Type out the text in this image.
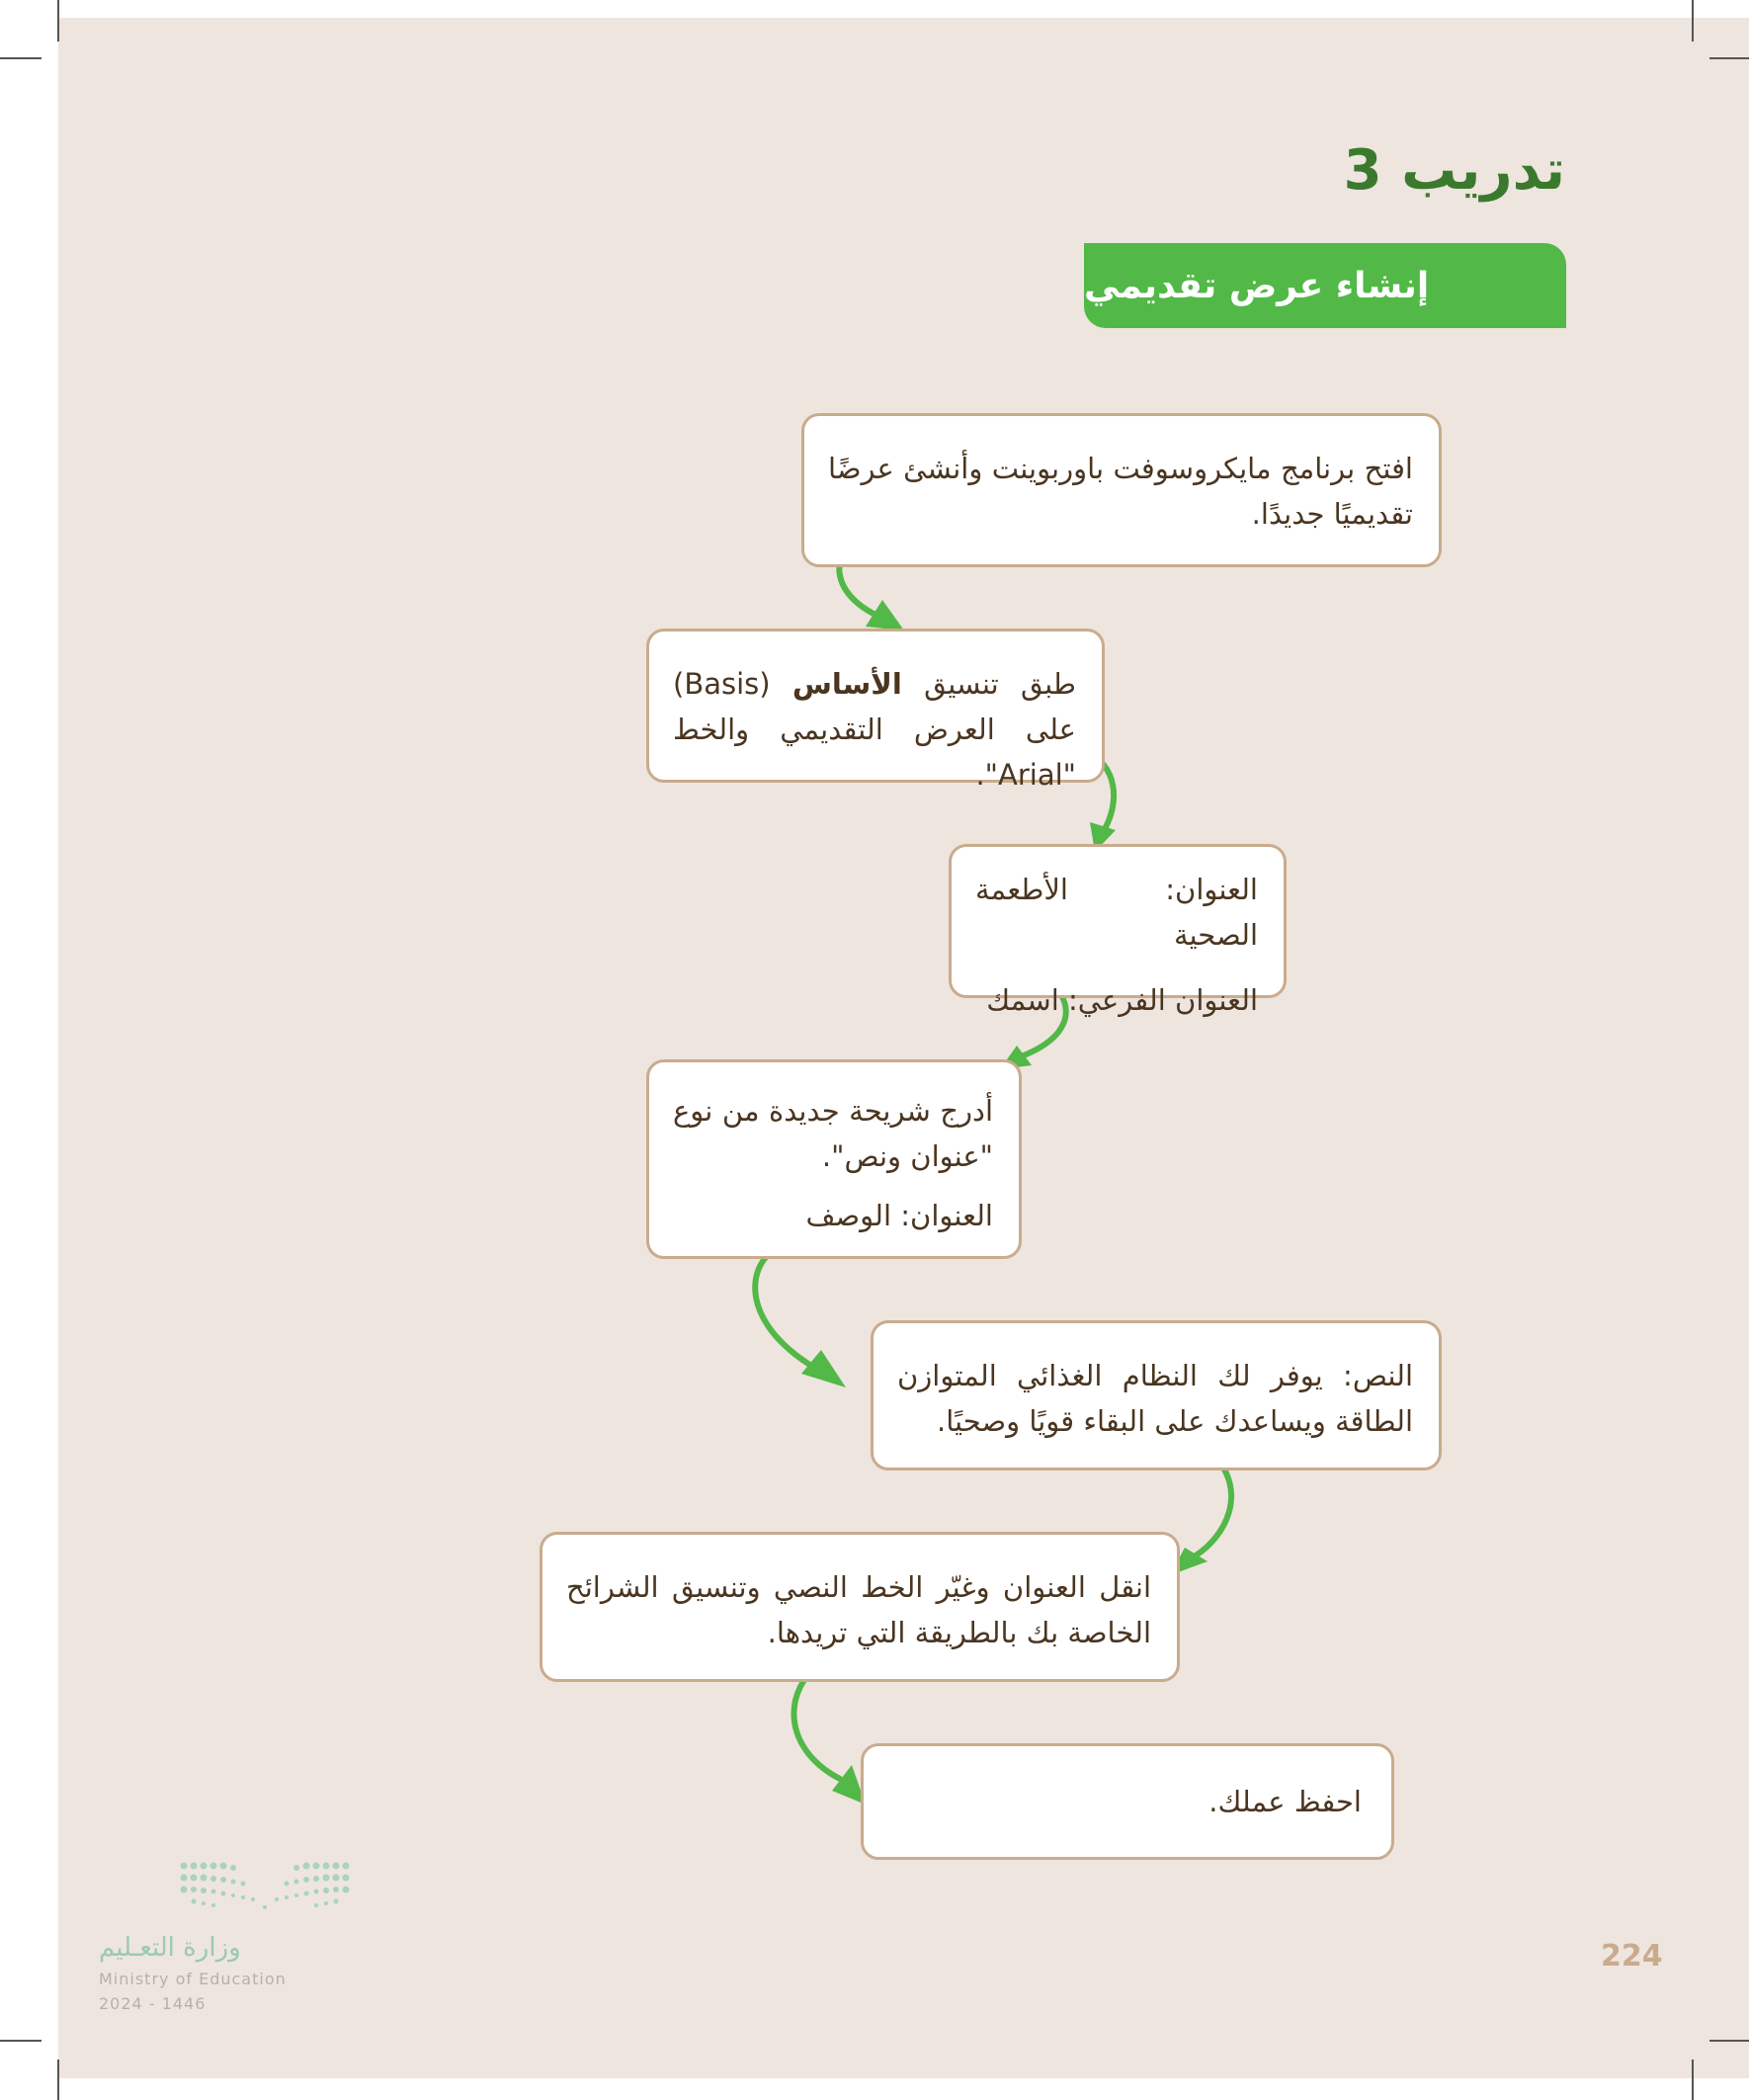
تدريب 3
إنشاء عرض تقديمي

افتح برنامج مايكروسوفت باوربوينت وأنشئ عرضًا تقديميًا جديدًا.

طبق تنسيق الأساس (Basis) على العرض التقديمي والخط "Arial".

العنوان: الأطعمة الصحية

العنوان الفرعي: اسمك

أدرج شريحة جديدة من نوع "عنوان ونص".

العنوان: الوصف

النص: يوفر لك النظام الغذائي المتوازن الطاقة ويساعدك على البقاء قويًا وصحيًا.

انقل العنوان وغيّر الخط النصي وتنسيق الشرائح الخاصة بك بالطريقة التي تريدها.

احفظ عملك.

وزارة التعـليم
Ministry of Education
2024 - 1446
224
